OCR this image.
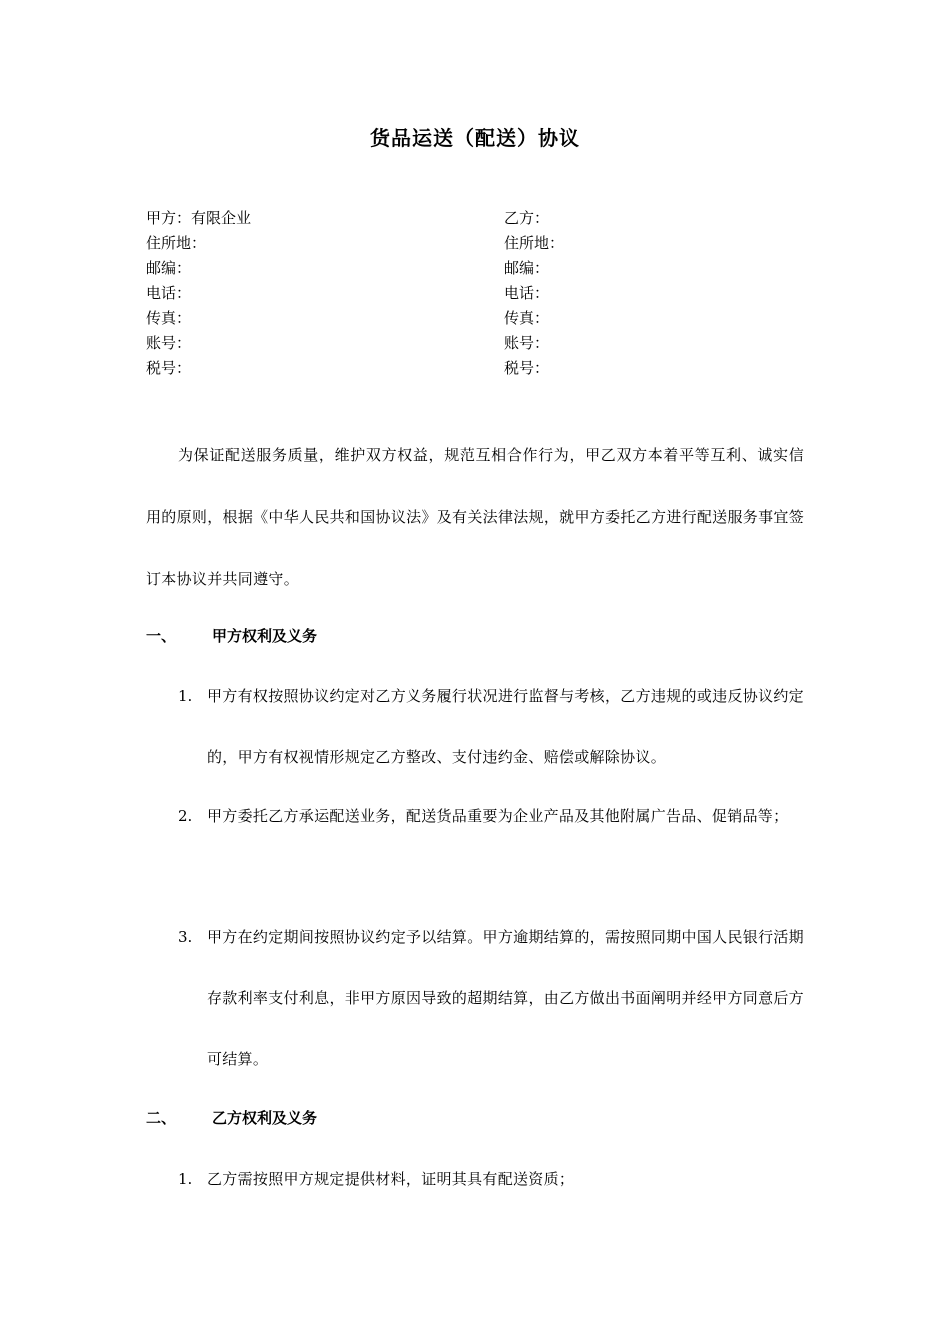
货品运送（配送）协议
甲方：有限企业
住所地：
邮编：
电话：
传真：
账号：
税号：
乙方：
住所地：
邮编：
电话：
传真：
账号：
税号：
为保证配送服务质量，维护双方权益，规范互相合作行为，甲乙双方本着平等互利、诚实信用的原则，根据《中华人民共和国协议法》及有关法律法规，就甲方委托乙方进行配送服务事宜签订本协议并共同遵守。
一、 甲方权利及义务
1. 甲方有权按照协议约定对乙方义务履行状况进行监督与考核，乙方违规的或违反协议约定的，甲方有权视情形规定乙方整改、支付违约金、赔偿或解除协议。
2. 甲方委托乙方承运配送业务，配送货品重要为企业产品及其他附属广告品、促销品等；
3. 甲方在约定期间按照协议约定予以结算。甲方逾期结算的，需按照同期中国人民银行活期存款利率支付利息，非甲方原因导致的超期结算，由乙方做出书面阐明并经甲方同意后方可结算。
二、 乙方权利及义务
1. 乙方需按照甲方规定提供材料，证明其具有配送资质；
